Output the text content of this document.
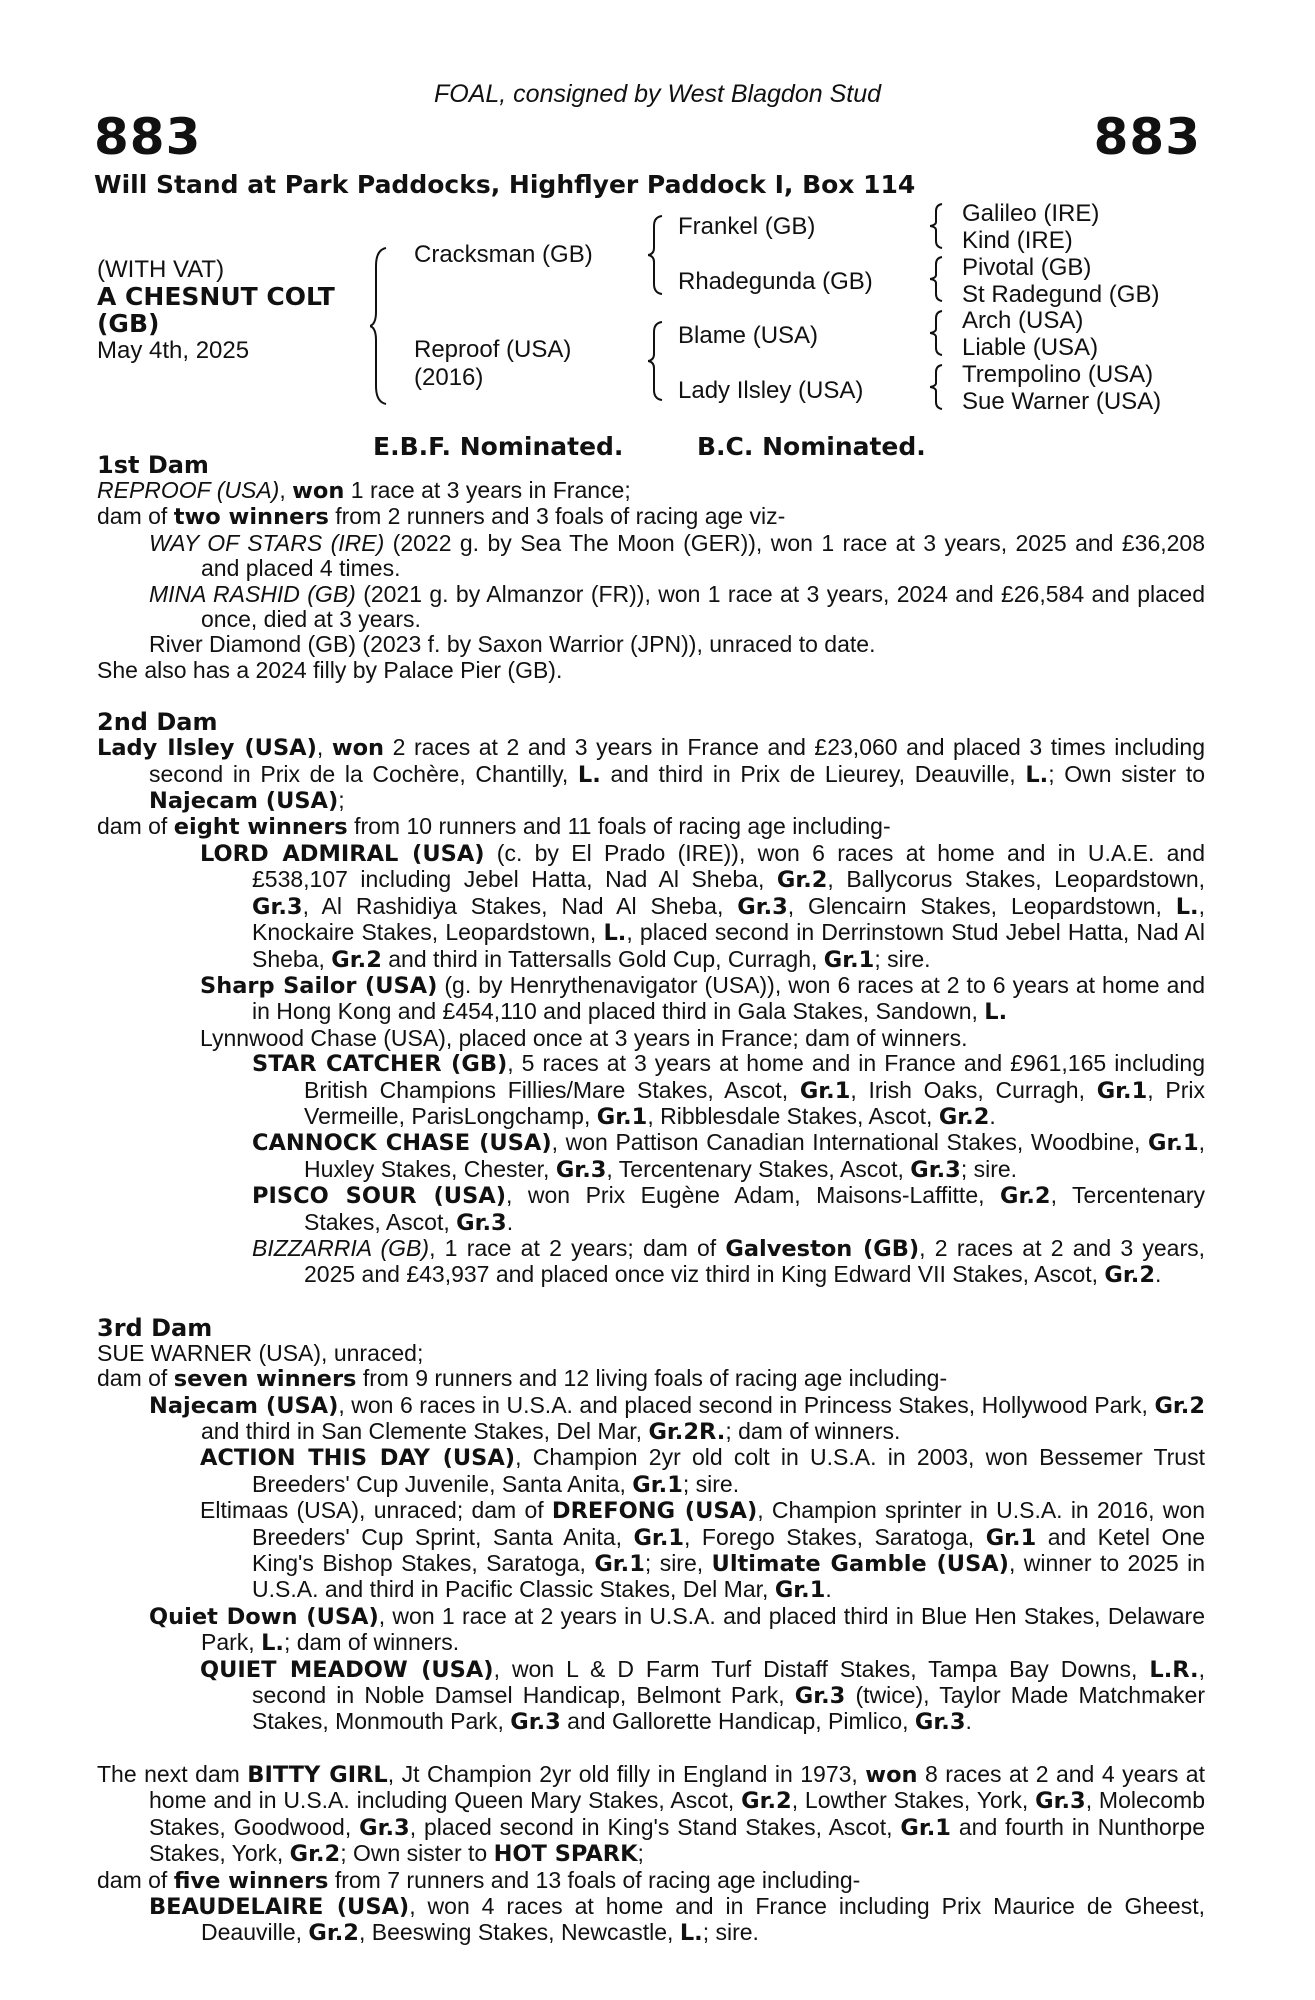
FOAL, consigned by West Blagdon Stud
883	883
Will Stand at Park Paddocks, Highflyer Paddock I, Box 114
(WITH VAT)
A CHESNUT COLT
(GB)
May 4th, 2025
Cracksman (GB)
Reproof (USA)
(2016)
Frankel (GB)
Rhadegunda (GB)
Blame (USA)
Lady Ilsley (USA)
Galileo (IRE)
Kind (IRE)
Pivotal (GB)
St Radegund (GB)
Arch (USA)
Liable (USA)
Trempolino (USA)
Sue Warner (USA)
E.B.F. Nominated.	B.C. Nominated.
1st Dam
REPROOF (USA), won 1 race at 3 years in France;
dam of two winners from 2 runners and 3 foals of racing age viz-
WAY OF STARS (IRE) (2022 g. by Sea The Moon (GER)), won 1 race at 3 years, 2025 and £36,208 and placed 4 times.
MINA RASHID (GB) (2021 g. by Almanzor (FR)), won 1 race at 3 years, 2024 and £26,584 and placed once, died at 3 years.
River Diamond (GB) (2023 f. by Saxon Warrior (JPN)), unraced to date.
She also has a 2024 filly by Palace Pier (GB).
2nd Dam
Lady Ilsley (USA), won 2 races at 2 and 3 years in France and £23,060 and placed 3 times including second in Prix de la Cochère, Chantilly, L. and third in Prix de Lieurey, Deauville, L.; Own sister to Najecam (USA);
dam of eight winners from 10 runners and 11 foals of racing age including-
LORD ADMIRAL (USA) (c. by El Prado (IRE)), won 6 races at home and in U.A.E. and £538,107 including Jebel Hatta, Nad Al Sheba, Gr.2, Ballycorus Stakes, Leopardstown, Gr.3, Al Rashidiya Stakes, Nad Al Sheba, Gr.3, Glencairn Stakes, Leopardstown, L., Knockaire Stakes, Leopardstown, L., placed second in Derrinstown Stud Jebel Hatta, Nad Al Sheba, Gr.2 and third in Tattersalls Gold Cup, Curragh, Gr.1; sire.
Sharp Sailor (USA) (g. by Henrythenavigator (USA)), won 6 races at 2 to 6 years at home and in Hong Kong and £454,110 and placed third in Gala Stakes, Sandown, L.
Lynnwood Chase (USA), placed once at 3 years in France; dam of winners.
STAR CATCHER (GB), 5 races at 3 years at home and in France and £961,165 including British Champions Fillies/Mare Stakes, Ascot, Gr.1, Irish Oaks, Curragh, Gr.1, Prix Vermeille, ParisLongchamp, Gr.1, Ribblesdale Stakes, Ascot, Gr.2.
CANNOCK CHASE (USA), won Pattison Canadian International Stakes, Woodbine, Gr.1, Huxley Stakes, Chester, Gr.3, Tercentenary Stakes, Ascot, Gr.3; sire.
PISCO SOUR (USA), won Prix Eugène Adam, Maisons-Laffitte, Gr.2, Tercentenary Stakes, Ascot, Gr.3.
BIZZARRIA (GB), 1 race at 2 years; dam of Galveston (GB), 2 races at 2 and 3 years, 2025 and £43,937 and placed once viz third in King Edward VII Stakes, Ascot, Gr.2.
3rd Dam
SUE WARNER (USA), unraced;
dam of seven winners from 9 runners and 12 living foals of racing age including-
Najecam (USA), won 6 races in U.S.A. and placed second in Princess Stakes, Hollywood Park, Gr.2 and third in San Clemente Stakes, Del Mar, Gr.2R.; dam of winners.
ACTION THIS DAY (USA), Champion 2yr old colt in U.S.A. in 2003, won Bessemer Trust Breeders' Cup Juvenile, Santa Anita, Gr.1; sire.
Eltimaas (USA), unraced; dam of DREFONG (USA), Champion sprinter in U.S.A. in 2016, won Breeders' Cup Sprint, Santa Anita, Gr.1, Forego Stakes, Saratoga, Gr.1 and Ketel One King's Bishop Stakes, Saratoga, Gr.1; sire, Ultimate Gamble (USA), winner to 2025 in U.S.A. and third in Pacific Classic Stakes, Del Mar, Gr.1.
Quiet Down (USA), won 1 race at 2 years in U.S.A. and placed third in Blue Hen Stakes, Delaware Park, L.; dam of winners.
QUIET MEADOW (USA), won L & D Farm Turf Distaff Stakes, Tampa Bay Downs, L.R., second in Noble Damsel Handicap, Belmont Park, Gr.3 (twice), Taylor Made Matchmaker Stakes, Monmouth Park, Gr.3 and Gallorette Handicap, Pimlico, Gr.3.
The next dam BITTY GIRL, Jt Champion 2yr old filly in England in 1973, won 8 races at 2 and 4 years at home and in U.S.A. including Queen Mary Stakes, Ascot, Gr.2, Lowther Stakes, York, Gr.3, Molecomb Stakes, Goodwood, Gr.3, placed second in King's Stand Stakes, Ascot, Gr.1 and fourth in Nunthorpe Stakes, York, Gr.2; Own sister to HOT SPARK;
dam of five winners from 7 runners and 13 foals of racing age including-
BEAUDELAIRE (USA), won 4 races at home and in France including Prix Maurice de Gheest, Deauville, Gr.2, Beeswing Stakes, Newcastle, L.; sire.
